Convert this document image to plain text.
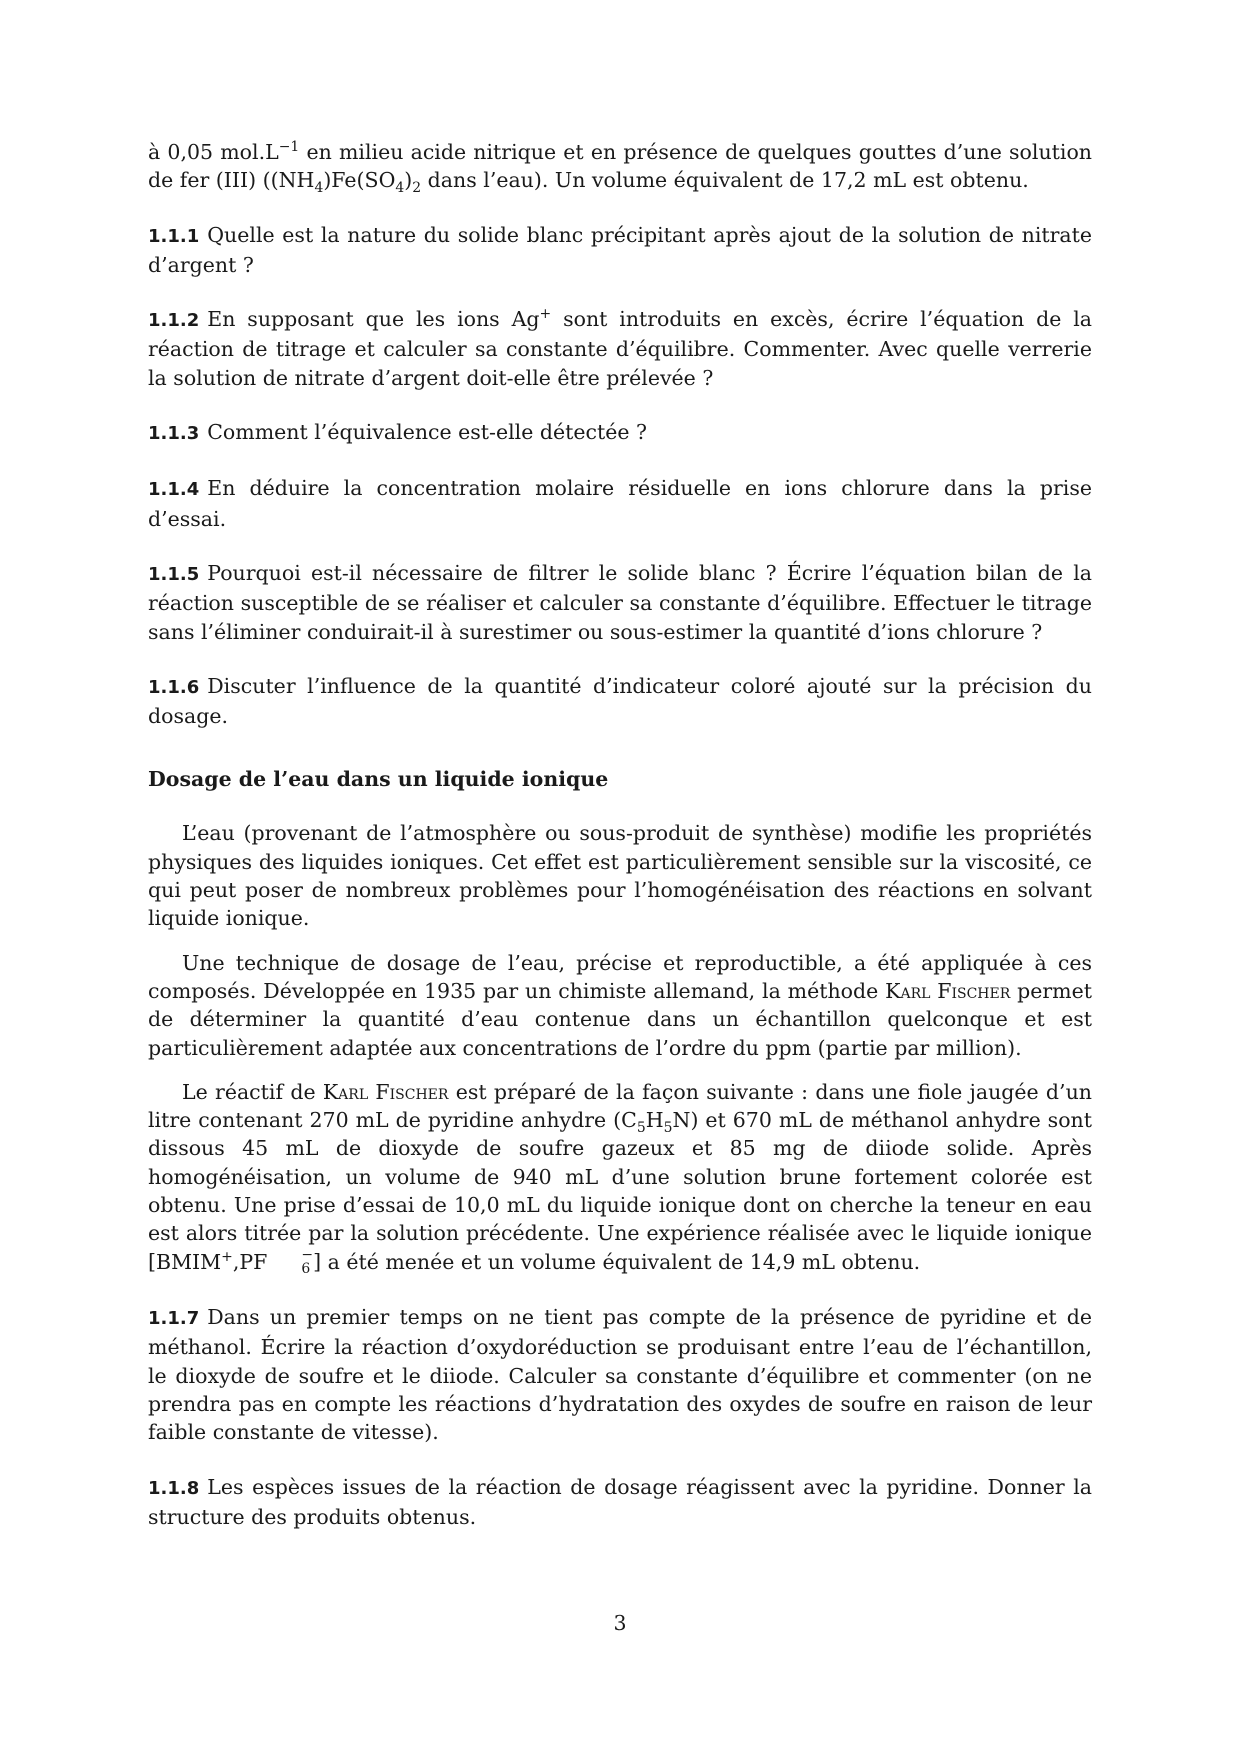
à 0,05 $mol.L^{-1}$ en milieu acide nitrique et en présence de quelques gouttes d’une solution de fer (III) ($(NH_4)Fe(SO_4)_2$ dans l’eau). Un volume équivalent de 17,2 mL est obtenu.

1.1.1 Quelle est la nature du solide blanc précipitant après ajout de la solution de nitrate d’argent ?

1.1.2 En supposant que les ions Ag+ sont introduits en excès, écrire l’équation de la réaction de titrage et calculer sa constante d’équilibre. Commenter. Avec quelle verrerie la solution de nitrate d’argent doit-elle être prélevée ?

1.1.3 Comment l’équivalence est-elle détectée ?

1.1.4 En déduire la concentration molaire résiduelle en ions chlorure dans la prise d’essai.

1.1.5 Pourquoi est-il nécessaire de filtrer le solide blanc ? Écrire l’équation bilan de la réaction susceptible de se réaliser et calculer sa constante d’équilibre. Effectuer le titrage sans l’éliminer conduirait-il à surestimer ou sous-estimer la quantité d’ions chlorure ?

1.1.6 Discuter l’influence de la quantité d’indicateur coloré ajouté sur la précision du dosage.

Dosage de l’eau dans un liquide ionique

L’eau (provenant de l’atmosphère ou sous-produit de synthèse) modifie les propriétés physiques des liquides ioniques. Cet effet est particulièrement sensible sur la viscosité, ce qui peut poser de nombreux problèmes pour l’homogénéisation des réactions en solvant liquide ionique.

Une technique de dosage de l’eau, précise et reproductible, a été appliquée à ces composés. Développée en 1935 par un chimiste allemand, la méthode Karl Fischer permet de déterminer la quantité d’eau contenue dans un échantillon quelconque et est particulièrement adaptée aux concentrations de l’ordre du ppm (partie par million).

Le réactif de Karl Fischer est préparé de la façon suivante : dans une fiole jaugée d’un litre contenant 270 mL de pyridine anhydre $(C_5H_5N)$ et 670 mL de méthanol anhydre sont dissous 45 mL de dioxyde de soufre gazeux et 85 mg de diiode solide. Après homogénéisation, un volume de 940 mL d’une solution brune fortement colorée est obtenu. Une prise d’essai de 10,0 mL du liquide ionique dont on cherche la teneur en eau est alors titrée par la solution précédente. Une expérience réalisée avec le liquide ionique [BMIM+,PF	−
6 ] a été menée et un volume équivalent de 14,9 mL obtenu.

1.1.7 Dans un premier temps on ne tient pas compte de la présence de pyridine et de méthanol. Écrire la réaction d’oxydoréduction se produisant entre l’eau de l’échantillon, le dioxyde de soufre et le diiode. Calculer sa constante d’équilibre et commenter (on ne prendra pas en compte les réactions d’hydratation des oxydes de soufre en raison de leur faible constante de vitesse).

1.1.8 Les espèces issues de la réaction de dosage réagissent avec la pyridine. Donner la structure des produits obtenus.

3
